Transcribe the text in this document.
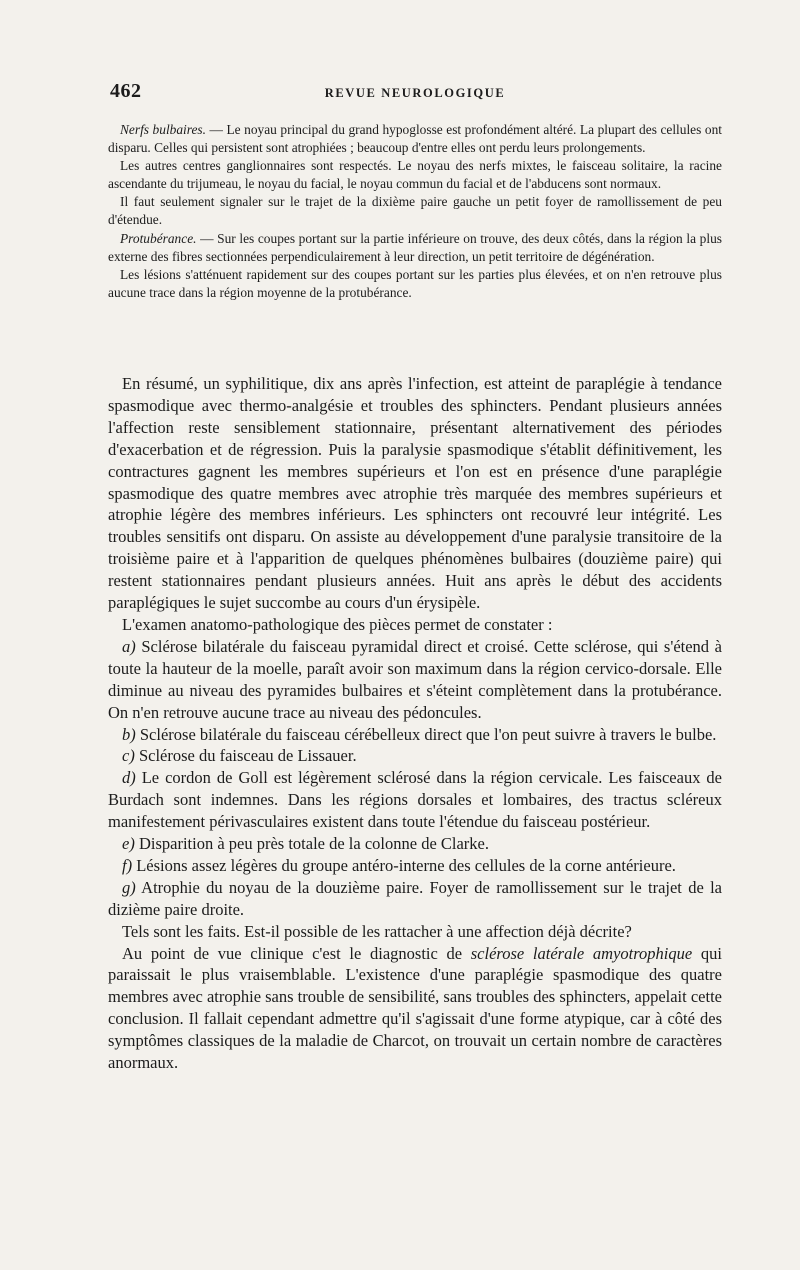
462	REVUE NEUROLOGIQUE

Nerfs bulbaires. — Le noyau principal du grand hypoglosse est profondément altéré. La plupart des cellules ont disparu. Celles qui persistent sont atrophiées ; beaucoup d'entre elles ont perdu leurs prolongements.

Les autres centres ganglionnaires sont respectés. Le noyau des nerfs mixtes, le faisceau solitaire, la racine ascendante du trijumeau, le noyau du facial, le noyau commun du facial et de l'abducens sont normaux.

Il faut seulement signaler sur le trajet de la dixième paire gauche un petit foyer de ramollissement de peu d'étendue.

Protubérance. — Sur les coupes portant sur la partie inférieure on trouve, des deux côtés, dans la région la plus externe des fibres sectionnées perpendiculairement à leur direction, un petit territoire de dégénération.

Les lésions s'atténuent rapidement sur des coupes portant sur les parties plus élevées, et on n'en retrouve plus aucune trace dans la région moyenne de la protubérance.

En résumé, un syphilitique, dix ans après l'infection, est atteint de paraplégie à tendance spasmodique avec thermo-analgésie et troubles des sphincters. Pendant plusieurs années l'affection reste sensiblement stationnaire, présentant alternativement des périodes d'exacerbation et de régression. Puis la paralysie spasmodique s'établit définitivement, les contractures gagnent les membres supérieurs et l'on est en présence d'une paraplégie spasmodique des quatre membres avec atrophie très marquée des membres supérieurs et atrophie légère des membres inférieurs. Les sphincters ont recouvré leur intégrité. Les troubles sensitifs ont disparu. On assiste au développement d'une paralysie transitoire de la troisième paire et à l'apparition de quelques phénomènes bulbaires (douzième paire) qui restent stationnaires pendant plusieurs années. Huit ans après le début des accidents paraplégiques le sujet succombe au cours d'un érysipèle.

L'examen anatomo-pathologique des pièces permet de constater :

a) Sclérose bilatérale du faisceau pyramidal direct et croisé. Cette sclérose, qui s'étend à toute la hauteur de la moelle, paraît avoir son maximum dans la région cervico-dorsale. Elle diminue au niveau des pyramides bulbaires et s'éteint complètement dans la protubérance. On n'en retrouve aucune trace au niveau des pédoncules.

b) Sclérose bilatérale du faisceau cérébelleux direct que l'on peut suivre à travers le bulbe.

c) Sclérose du faisceau de Lissauer.

d) Le cordon de Goll est légèrement sclérosé dans la région cervicale. Les faisceaux de Burdach sont indemnes. Dans les régions dorsales et lombaires, des tractus scléreux manifestement périvasculaires existent dans toute l'étendue du faisceau postérieur.

e) Disparition à peu près totale de la colonne de Clarke.

f) Lésions assez légères du groupe antéro-interne des cellules de la corne antérieure.

g) Atrophie du noyau de la douzième paire. Foyer de ramollissement sur le trajet de la dizième paire droite.

Tels sont les faits. Est-il possible de les rattacher à une affection déjà décrite?

Au point de vue clinique c'est le diagnostic de sclérose latérale amyotrophique qui paraissait le plus vraisemblable. L'existence d'une paraplégie spasmodique des quatre membres avec atrophie sans trouble de sensibilité, sans troubles des sphincters, appelait cette conclusion. Il fallait cependant admettre qu'il s'agissait d'une forme atypique, car à côté des symptômes classiques de la maladie de Charcot, on trouvait un certain nombre de caractères anormaux.
